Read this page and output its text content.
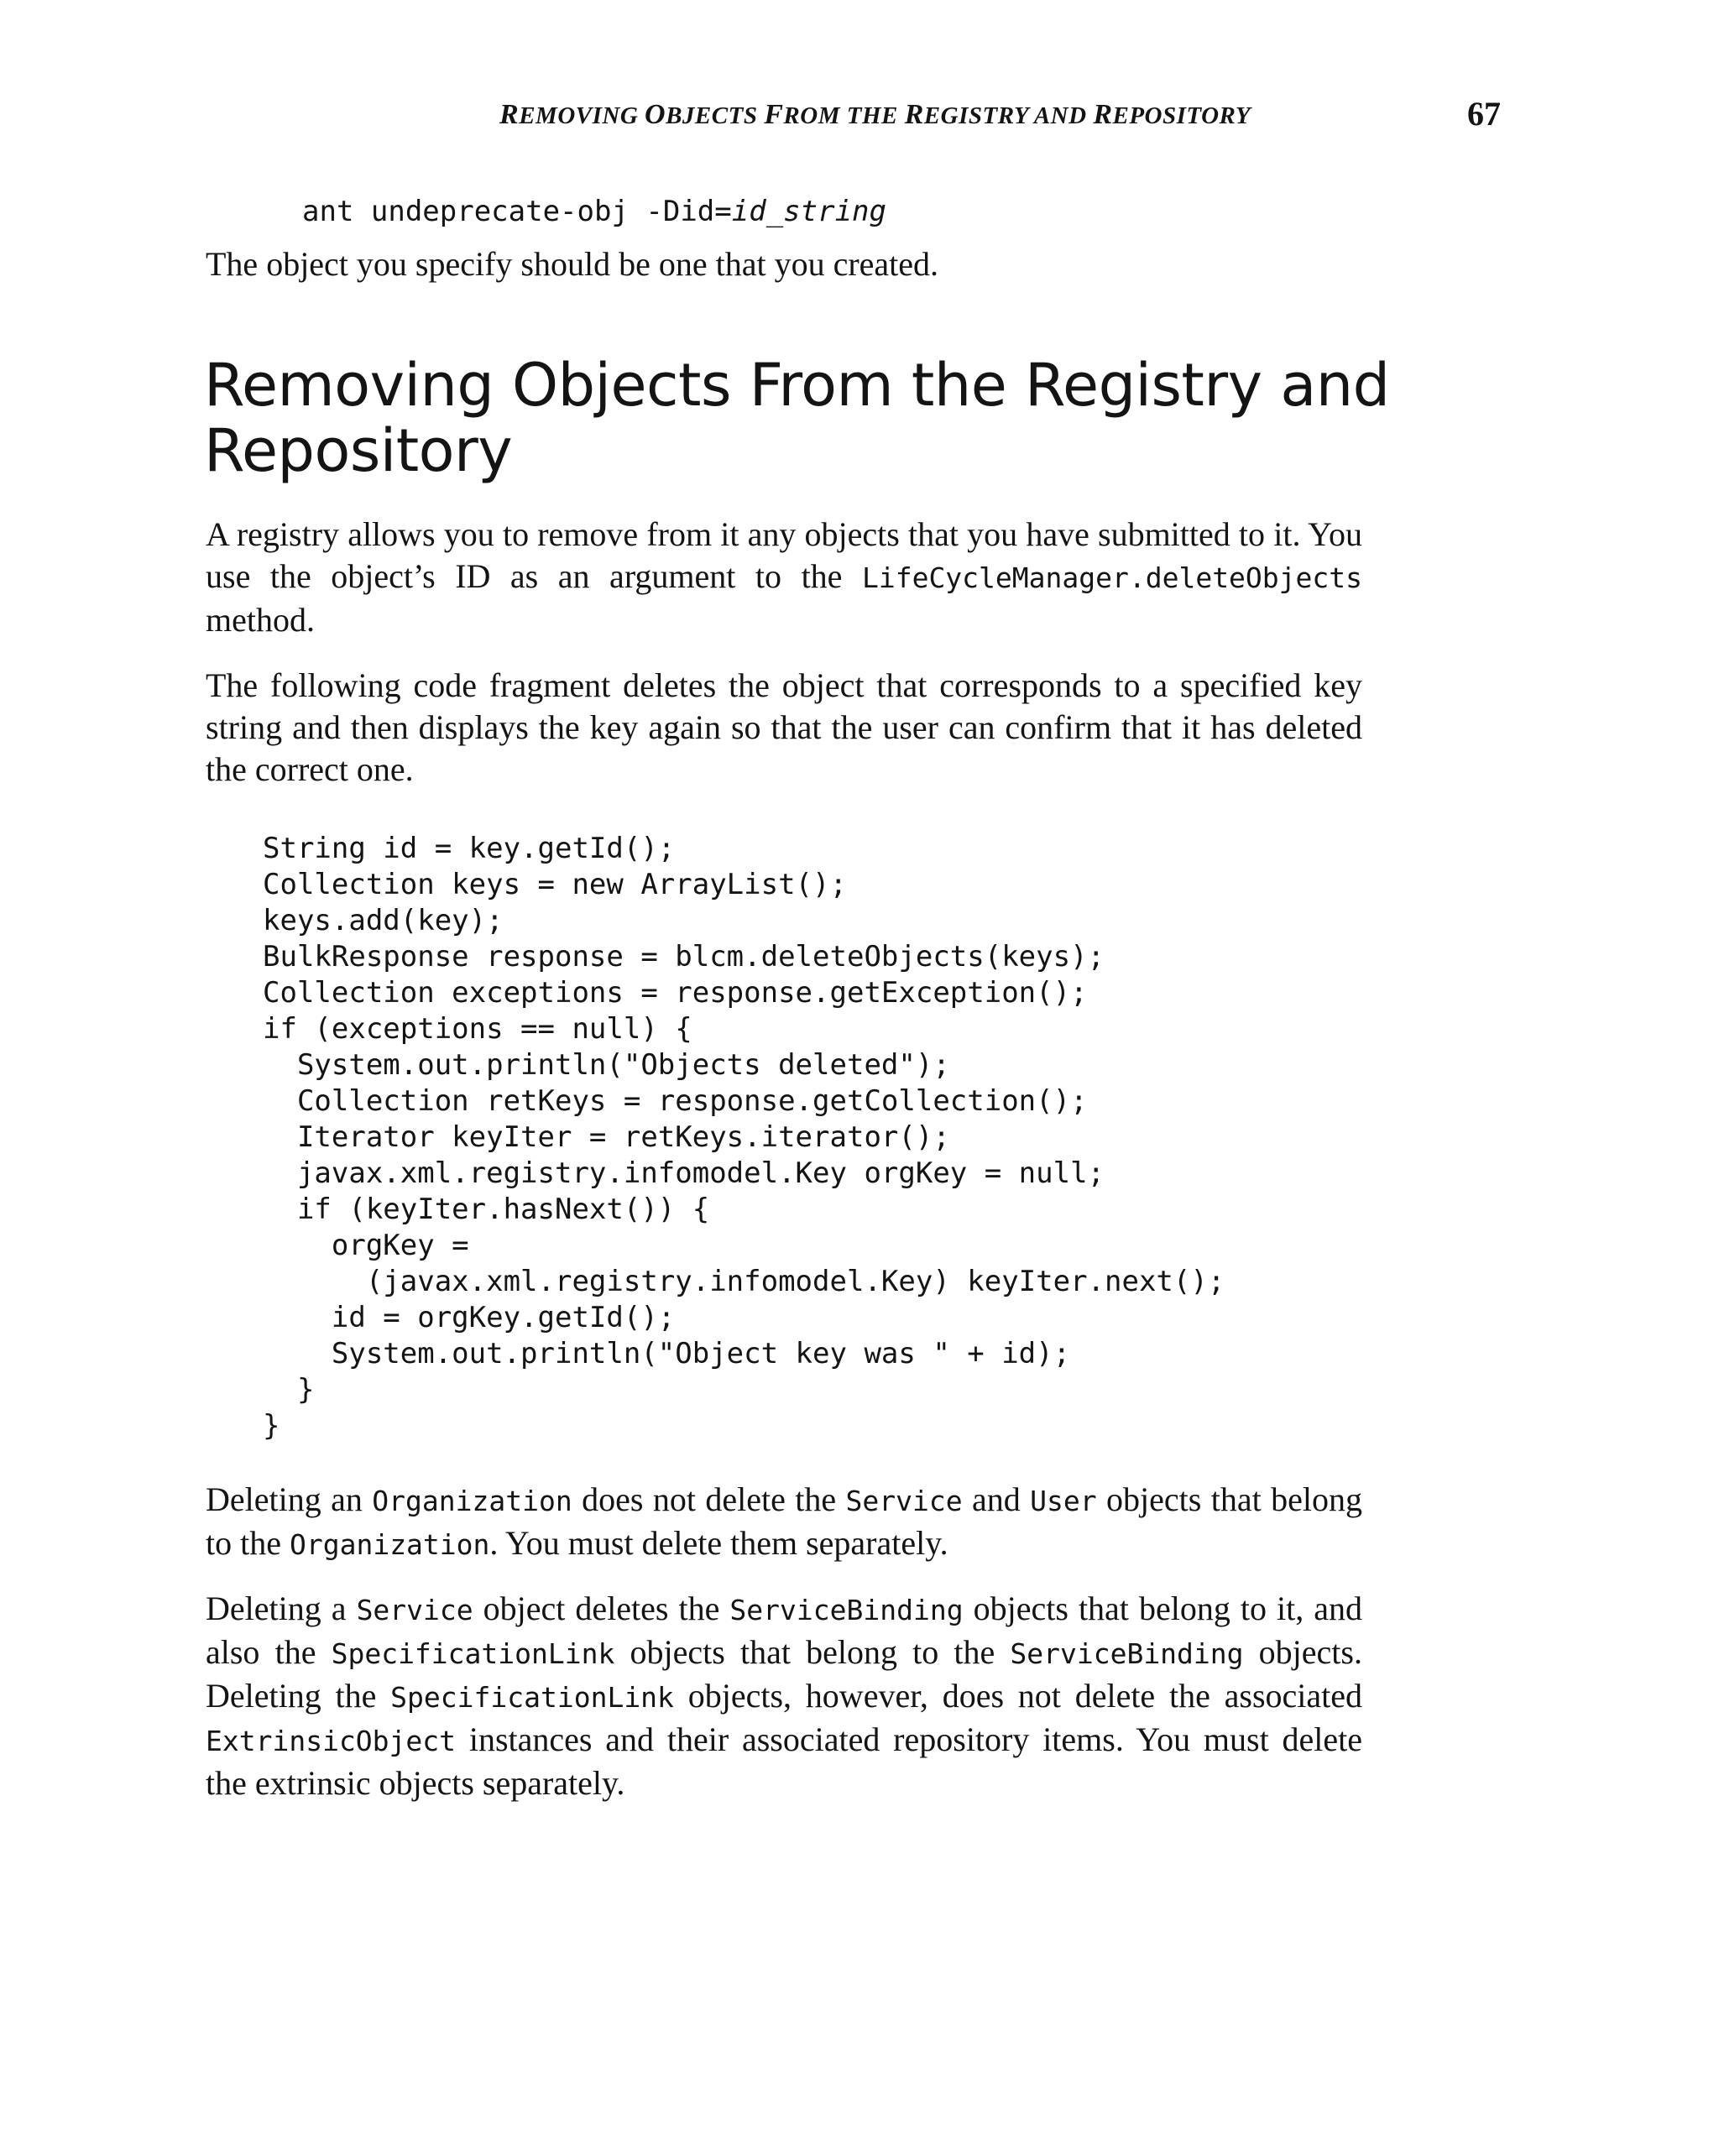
REMOVING OBJECTS FROM THE REGISTRY AND REPOSITORY	67
ant undeprecate-obj -Did=id_string

The object you specify should be one that you created.

Removing Objects From the Registry and Repository

A registry allows you to remove from it any objects that you have submitted to it. You use the object’s ID as an argument to the LifeCycleManager.deleteObjects method.

The following code fragment deletes the object that corresponds to a specified key string and then displays the key again so that the user can confirm that it has deleted the correct one.

String id = key.getId();
Collection keys = new ArrayList();
keys.add(key);
BulkResponse response = blcm.deleteObjects(keys);
Collection exceptions = response.getException();
if (exceptions == null) {
System.out.println("Objects deleted");
Collection retKeys = response.getCollection();
Iterator keyIter = retKeys.iterator();
javax.xml.registry.infomodel.Key orgKey = null;
if (keyIter.hasNext()) {
orgKey =
(javax.xml.registry.infomodel.Key) keyIter.next();
id = orgKey.getId();
System.out.println("Object key was " + id);
}
}

Deleting an Organization does not delete the Service and User objects that belong to the Organization. You must delete them separately.

Deleting a Service object deletes the ServiceBinding objects that belong to it, and also the SpecificationLink objects that belong to the ServiceBinding objects. Deleting the SpecificationLink objects, however, does not delete the associated ExtrinsicObject instances and their associated repository items. You must delete the extrinsic objects separately.
